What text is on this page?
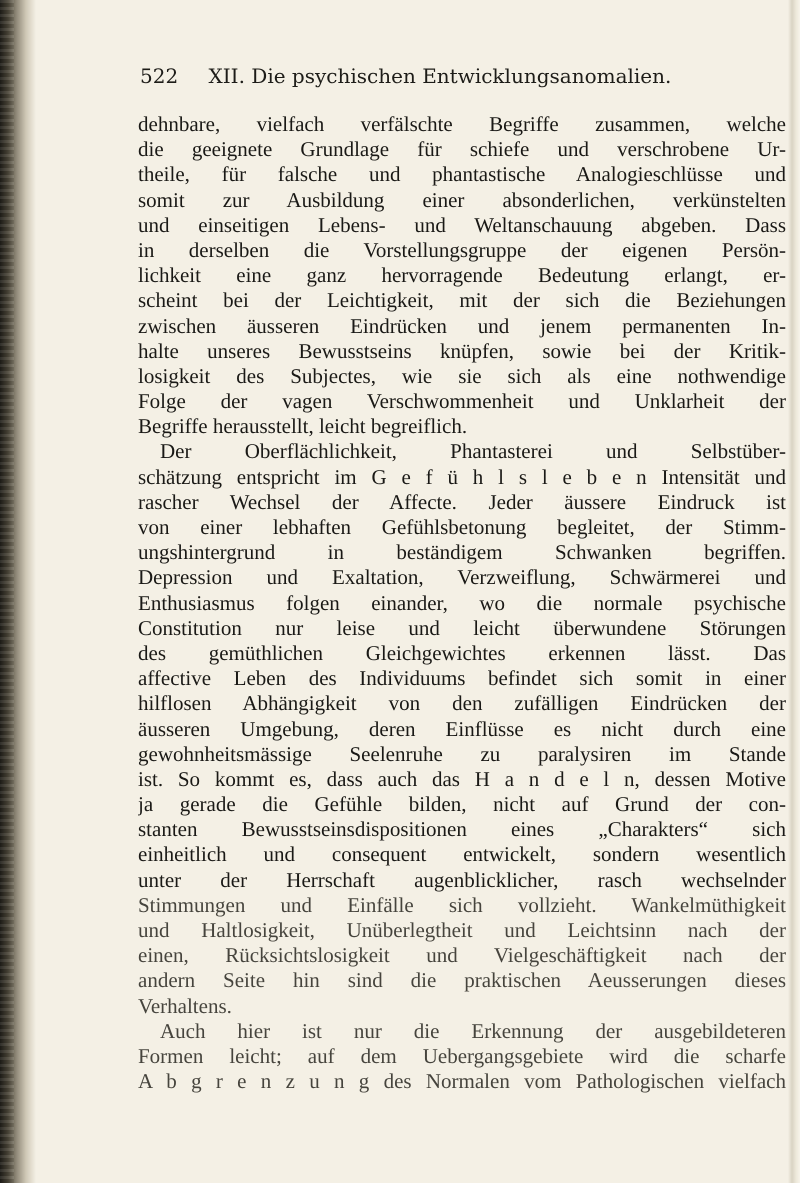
522 XII. Die psychischen Entwicklungsanomalien.
dehnbare, vielfach verfälschte Begriffe zusammen, welche
die geeignete Grundlage für schiefe und verschrobene Ur-
theile, für falsche und phantastische Analogieschlüsse und
somit zur Ausbildung einer absonderlichen, verkünstelten
und einseitigen Lebens- und Weltanschauung abgeben. Dass
in derselben die Vorstellungsgruppe der eigenen Persön-
lichkeit eine ganz hervorragende Bedeutung erlangt, er-
scheint bei der Leichtigkeit, mit der sich die Beziehungen
zwischen äusseren Eindrücken und jenem permanenten In-
halte unseres Bewusstseins knüpfen, sowie bei der Kritik-
losigkeit des Subjectes, wie sie sich als eine nothwendige
Folge der vagen Verschwommenheit und Unklarheit der
Begriffe herausstellt, leicht begreiflich.
Der Oberflächlichkeit, Phantasterei und Selbstüber-
schätzung entspricht im G e f ü h l s l e b e n Intensität und
rascher Wechsel der Affecte. Jeder äussere Eindruck ist
von einer lebhaften Gefühlsbetonung begleitet, der Stimm-
ungshintergrund in beständigem Schwanken begriffen.
Depression und Exaltation, Verzweiflung, Schwärmerei und
Enthusiasmus folgen einander, wo die normale psychische
Constitution nur leise und leicht überwundene Störungen
des gemüthlichen Gleichgewichtes erkennen lässt. Das
affective Leben des Individuums befindet sich somit in einer
hilflosen Abhängigkeit von den zufälligen Eindrücken der
äusseren Umgebung, deren Einflüsse es nicht durch eine
gewohnheitsmässige Seelenruhe zu paralysiren im Stande
ist. So kommt es, dass auch das H a n d e l n, dessen Motive
ja gerade die Gefühle bilden, nicht auf Grund der con-
stanten Bewusstseinsdispositionen eines „Charakters“ sich
einheitlich und consequent entwickelt, sondern wesentlich
unter der Herrschaft augenblicklicher, rasch wechselnder
Stimmungen und Einfälle sich vollzieht. Wankelmüthigkeit
und Haltlosigkeit, Unüberlegtheit und Leichtsinn nach der
einen, Rücksichtslosigkeit und Vielgeschäftigkeit nach der
andern Seite hin sind die praktischen Aeusserungen dieses
Verhaltens.
Auch hier ist nur die Erkennung der ausgebildeteren
Formen leicht; auf dem Uebergangsgebiete wird die scharfe
A b g r e n z u n g des Normalen vom Pathologischen vielfach
